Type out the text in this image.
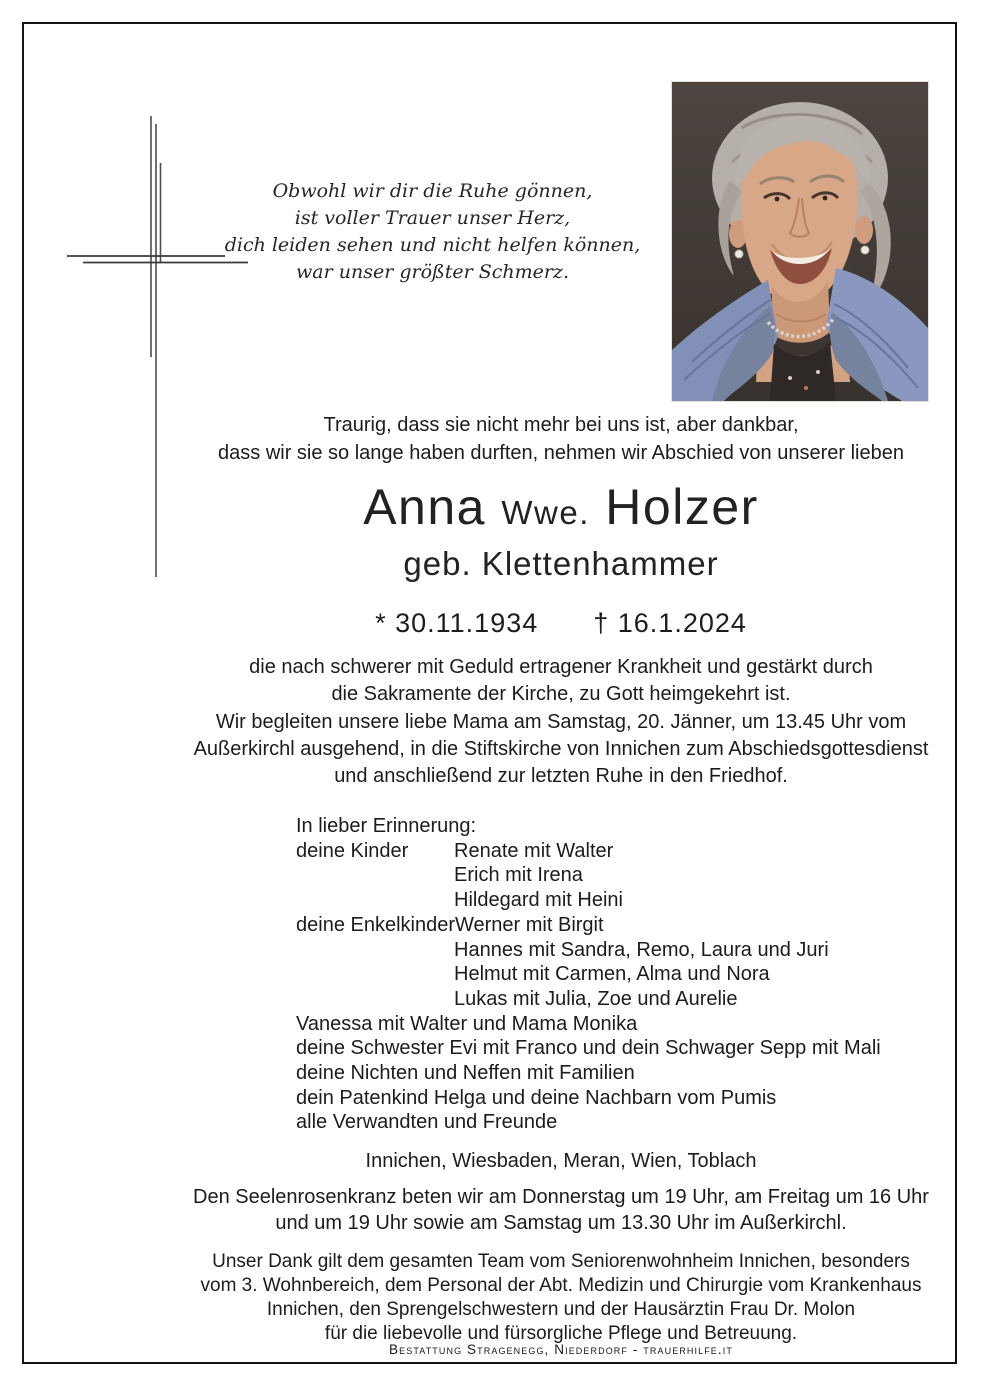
Obwohl wir dir die Ruhe gönnen,
ist voller Trauer unser Herz,
dich leiden sehen und nicht helfen können,
war unser größter Schmerz.
Traurig, dass sie nicht mehr bei uns ist, aber dankbar,
dass wir sie so lange haben durften, nehmen wir Abschied von unserer lieben
Anna Wwe. Holzer
geb. Klettenhammer
* 30.11.1934 † 16.1.2024
die nach schwerer mit Geduld ertragener Krankheit und gestärkt durch
die Sakramente der Kirche, zu Gott heimgekehrt ist.
Wir begleiten unsere liebe Mama am Samstag, 20. Jänner, um 13.45 Uhr vom
Außerkirchl ausgehend, in die Stiftskirche von Innichen zum Abschiedsgottesdienst
und anschließend zur letzten Ruhe in den Friedhof.
In lieber Erinnerung:
deine Kinder Renate mit Walter
Erich mit Irena
Hildegard mit Heini
deine EnkelkinderWerner mit Birgit
Hannes mit Sandra, Remo, Laura und Juri
Helmut mit Carmen, Alma und Nora
Lukas mit Julia, Zoe und Aurelie
Vanessa mit Walter und Mama Monika
deine Schwester Evi mit Franco und dein Schwager Sepp mit Mali
deine Nichten und Neffen mit Familien
dein Patenkind Helga und deine Nachbarn vom Pumis
alle Verwandten und Freunde
Innichen, Wiesbaden, Meran, Wien, Toblach
Den Seelenrosenkranz beten wir am Donnerstag um 19 Uhr, am Freitag um 16 Uhr
und um 19 Uhr sowie am Samstag um 13.30 Uhr im Außerkirchl.
Unser Dank gilt dem gesamten Team vom Seniorenwohnheim Innichen, besonders
vom 3. Wohnbereich, dem Personal der Abt. Medizin und Chirurgie vom Krankenhaus
Innichen, den Sprengelschwestern und der Hausärztin Frau Dr. Molon
für die liebevolle und fürsorgliche Pflege und Betreuung.
Bestattung Stragenegg, Niederdorf - trauerhilfe.it
